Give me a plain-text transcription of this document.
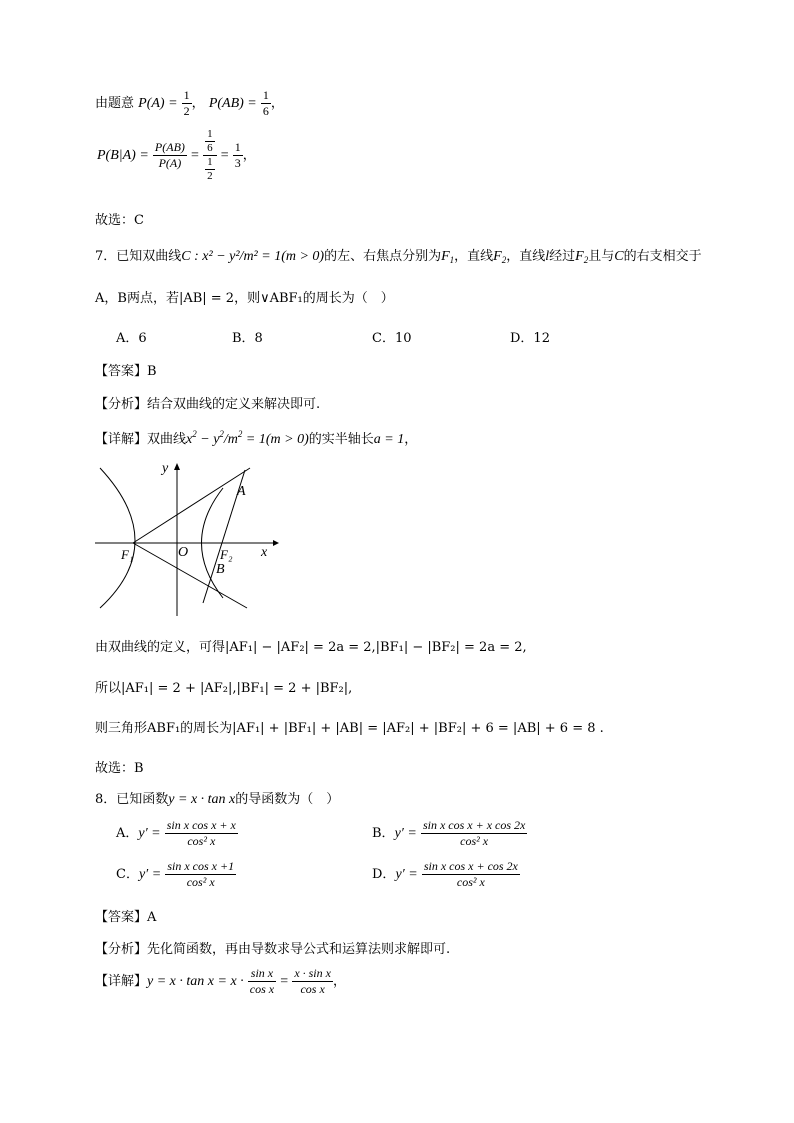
由题意 $P(A) = \frac{1}{2}$ ， $P(AB) = \frac{1}{6}$ ，
$P(B|A) = \frac{P(AB)}{P(A)} = \frac{\frac{1}{6}}{\frac{1}{2}} = \frac{1}{3}$ ，
故选：C
7．已知双曲线C : x² − y²/m² = 1(m > 0)的左、右焦点分别为$F_1$，直线$F_2$，直线l经过$F_2$且与C的右支相交于
A，B两点，若|AB| = 2，则∨ABF₁的周长为（　）
A．6	B．8	C．10	D．12
【答案】B
【分析】结合双曲线的定义来解决即可.
【详解】双曲线$x^2 - y^2/m^2 = 1(m > 0)$的实半轴长a = 1，
y
A
O
F₁	F₂ x
B
由双曲线的定义，可得|AF₁| − |AF₂| = 2a = 2,|BF₁| − |BF₂| = 2a = 2,
所以|AF₁| = 2 + |AF₂|,|BF₁| = 2 + |BF₂|,
则三角形ABF₁的周长为|AF₁| + |BF₁| + |AB| = |AF₂| + |BF₂| + 6 = |AB| + 6 = 8 .
故选：B
8．已知函数y = x · tan x的导函数为（　）
A．$y' = \frac{\text{sin x cos x + x}}{\text{cos² x}}$	B．$y' = \frac{\text{sin x cos x + x cos 2x}}{\text{cos² x}}$
C．$y' = \frac{\text{sin x cos x +1}}{\text{cos² x}}$	D．$y' = \frac{\text{sin x cos x + cos 2x}}{\text{cos² x}}$
【答案】A
【分析】先化简函数，再由导数求导公式和运算法则求解即可.
【详解】$y = x \cdot \tan x = x \cdot \frac{\text{sin x}}{\text{cos x}} = \frac{\text{x · sin x}}{\text{cos x}}$ ，
